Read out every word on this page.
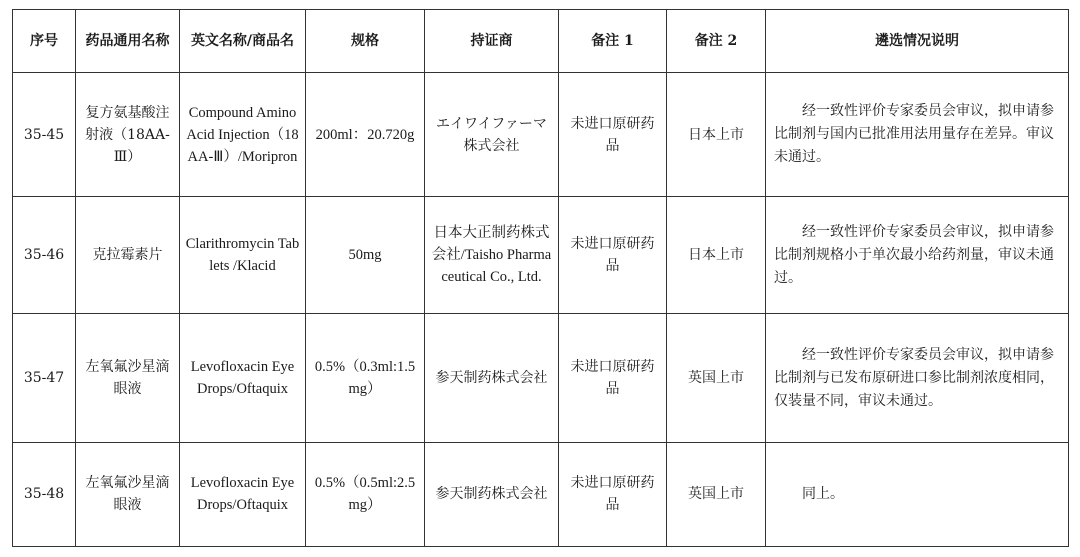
序号	药品通用名称	英文名称/商品名	规格	持证商	备注 1	备注 2	遴选情况说明
35-45	复方氨基酸注射液（18AA-Ⅲ）	Compound Amino Acid Injection（18AA-Ⅲ）/Moripron	200ml：20.720g	エイワイファーマ株式会社	未进口原研药品	日本上市	经一致性评价专家委员会审议，拟申请参比制剂与国内已批准用法用量存在差异。审议未通过。
35-46	克拉霉素片	Clarithromycin Tablets /Klacid	50mg	日本大正制药株式会社/Taisho Pharmaceutical Co., Ltd.	未进口原研药品	日本上市	经一致性评价专家委员会审议，拟申请参比制剂规格小于单次最小给药剂量，审议未通过。
35-47	左氧氟沙星滴眼液	Levofloxacin Eye Drops/Oftaquix	0.5%（0.3ml:1.5mg）	参天制药株式会社	未进口原研药品	英国上市	经一致性评价专家委员会审议，拟申请参比制剂与已发布原研进口参比制剂浓度相同，仅装量不同，审议未通过。
35-48	左氧氟沙星滴眼液	Levofloxacin Eye Drops/Oftaquix	0.5%（0.5ml:2.5mg）	参天制药株式会社	未进口原研药品	英国上市	同上。
